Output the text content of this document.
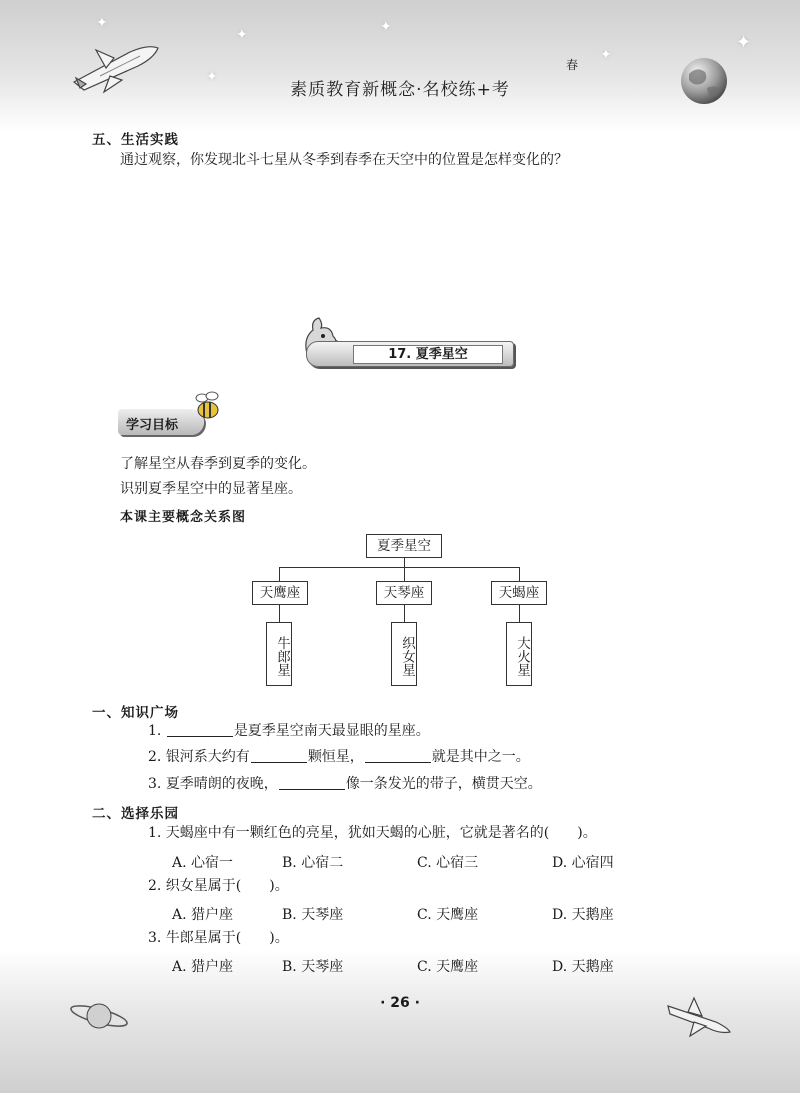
✦
✦	✦
✦
✦
✦
素质教育新概念·名校练+考
春
五、生活实践
通过观察，你发现北斗七星从冬季到春季在天空中的位置是怎样变化的？
17. 夏季星空
学习目标
了解星空从春季到夏季的变化。
识别夏季星空中的显著星座。
本课主要概念关系图
夏季星空
天鹰座	天琴座	天蝎座
牛郎星	织女星	大火星
一、知识广场
1.	是夏季星空南天最显眼的星座。
2. 银河系大约有	颗恒星，	就是其中之一。
3. 夏季晴朗的夜晚，	像一条发光的带子，横贯天空。
二、选择乐园
1. 天蝎座中有一颗红色的亮星，犹如天蝎的心脏，它就是著名的(　　)。
A. 心宿一	B. 心宿二	C. 心宿三	D. 心宿四
2. 织女星属于(　　)。
A. 猎户座	B. 天琴座	C. 天鹰座	D. 天鹅座
3. 牛郎星属于(　　)。
A. 猎户座	B. 天琴座	C. 天鹰座	D. 天鹅座
· 26 ·
